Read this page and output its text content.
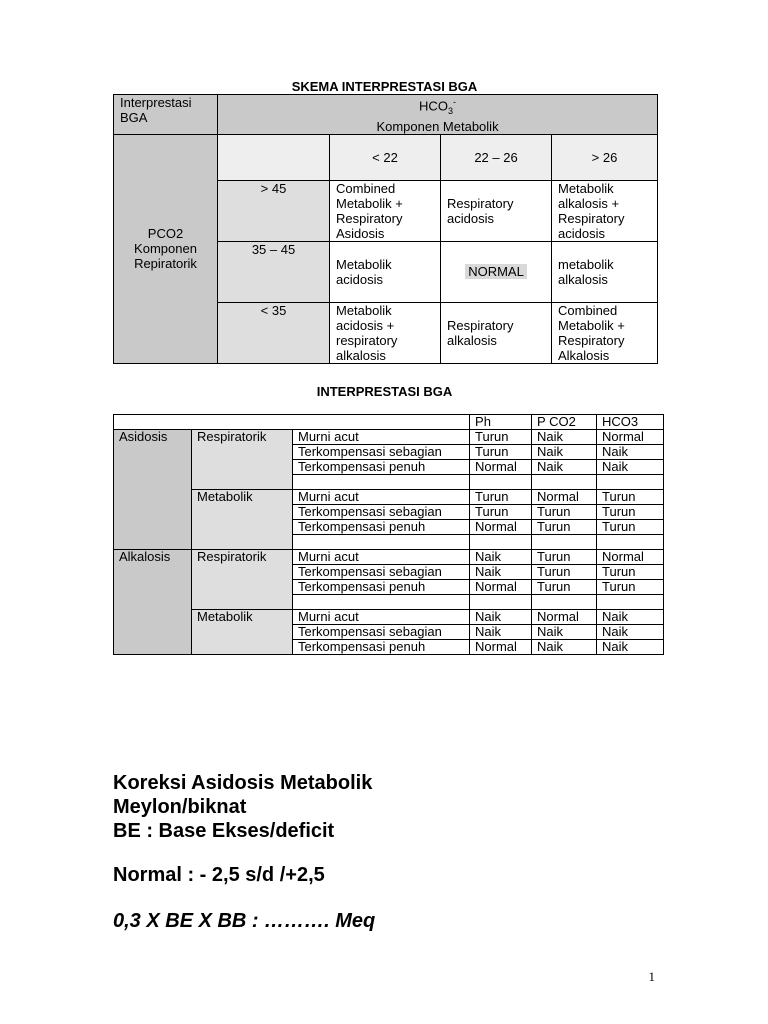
SKEMA INTERPRESTASI BGA
Interprestasi BGA	$HCO_3^-$
Komponen Metabolik			

PCO2 Komponen Repiratorik		< 22	22 – 26	> 26
	> 45	Combined Metabolik + Respiratory Asidosis	Respiratory acidosis	Metabolik alkalosis + Respiratory acidosis
	35 – 45	Metabolik acidosis	NORMAL	metabolik alkalosis
	< 35	Metabolik acidosis + respiratory alkalosis	Respiratory alkalosis	Combined Metabolik + Respiratory Alkalosis
INTERPRESTASI BGA
			Ph	P CO2	HCO3
Asidosis	Respiratorik	Murni acut	Turun	Naik	Normal
		Terkompensasi sebagian	Turun	Naik	Naik
		Terkompensasi penuh	Normal	Naik	Naik

	Metabolik	Murni acut	Turun	Normal	Turun
		Terkompensasi sebagian	Turun	Turun	Turun
		Terkompensasi penuh	Normal	Turun	Turun

Alkalosis	Respiratorik	Murni acut	Naik	Turun	Normal
		Terkompensasi sebagian	Naik	Turun	Turun
		Terkompensasi penuh	Normal	Turun	Turun

	Metabolik	Murni acut	Naik	Normal	Naik
		Terkompensasi sebagian	Naik	Naik	Naik
		Terkompensasi penuh	Normal	Naik	Naik
Koreksi Asidosis Metabolik
Meylon/biknat
BE : Base Ekses/deficit
Normal : - 2,5 s/d /+2,5
0,3 X BE X BB : ………. Meq
1
